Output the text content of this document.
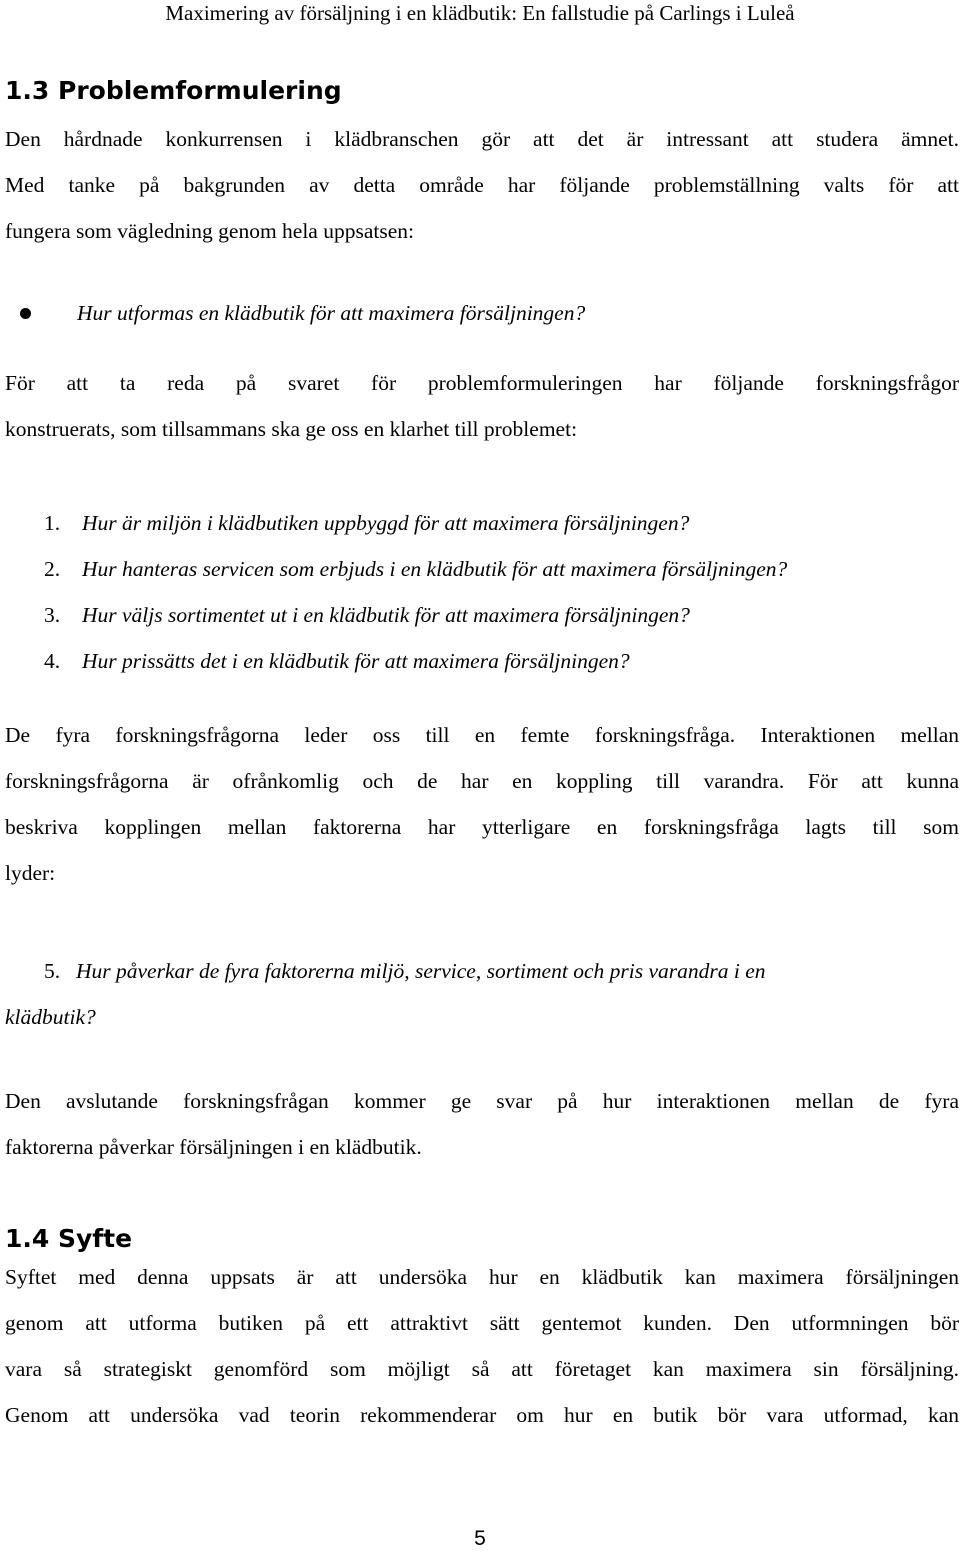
Maximering av försäljning i en klädbutik: En fallstudie på Carlings i Luleå
1.3 Problemformulering

Den hårdnade konkurrensen i klädbranschen gör att det är intressant att studera ämnet.
Med tanke på bakgrunden av detta område har följande problemställning valts för att
fungera som vägledning genom hela uppsatsen:

Hur utformas en klädbutik för att maximera försäljningen?

För att ta reda på svaret för problemformuleringen har följande forskningsfrågor
konstruerats, som tillsammans ska ge oss en klarhet till problemet:

1.	Hur är miljön i klädbutiken uppbyggd för att maximera försäljningen?
2.	Hur hanteras servicen som erbjuds i en klädbutik för att maximera försäljningen?
3.	Hur väljs sortimentet ut i en klädbutik för att maximera försäljningen?
4.	Hur prissätts det i en klädbutik för att maximera försäljningen?

De fyra forskningsfrågorna leder oss till en femte forskningsfråga. Interaktionen mellan
forskningsfrågorna är ofrånkomlig och de har en koppling till varandra. För att kunna
beskriva kopplingen mellan faktorerna har ytterligare en forskningsfråga lagts till som
lyder:

5. Hur påverkar de fyra faktorerna miljö, service, sortiment och pris varandra i en
klädbutik?

Den avslutande forskningsfrågan kommer ge svar på hur interaktionen mellan de fyra
faktorerna påverkar försäljningen i en klädbutik.

1.4 Syfte

Syftet med denna uppsats är att undersöka hur en klädbutik kan maximera försäljningen
genom att utforma butiken på ett attraktivt sätt gentemot kunden. Den utformningen bör
vara så strategiskt genomförd som möjligt så att företaget kan maximera sin försäljning.
Genom att undersöka vad teorin rekommenderar om hur en butik bör vara utformad, kan

5
